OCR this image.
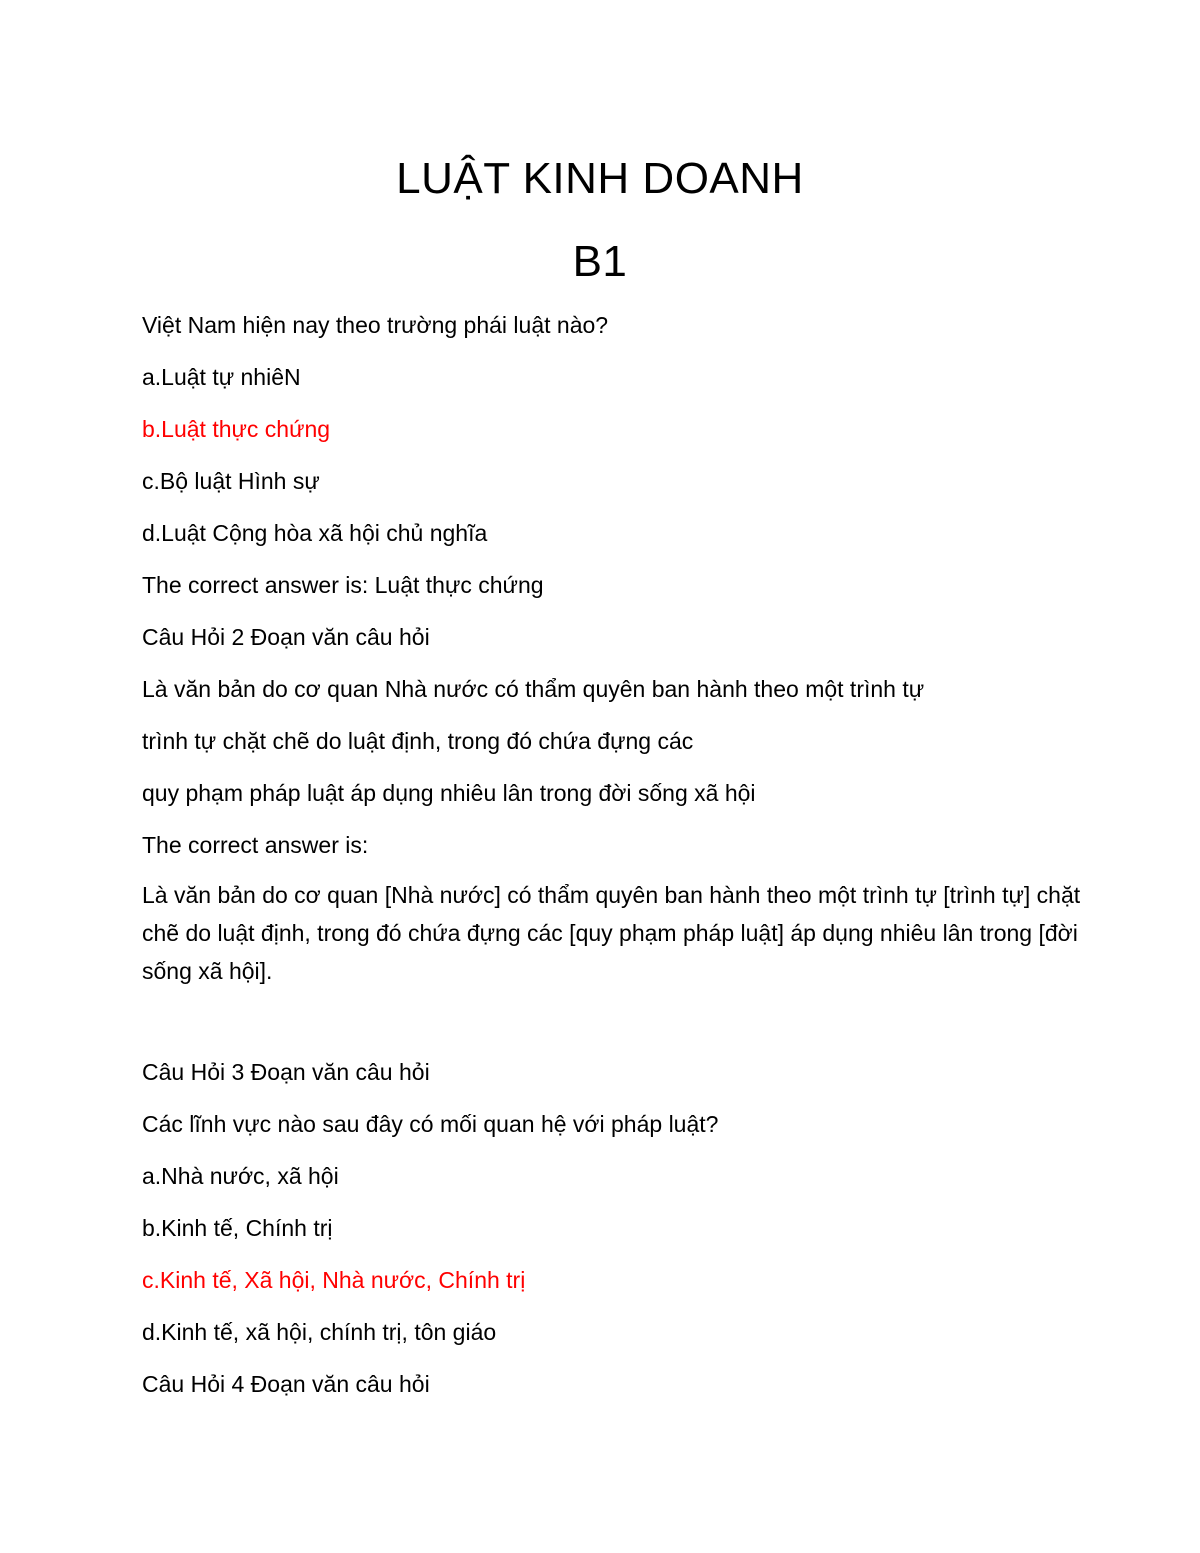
LUẬT KINH DOANH
B1
Việt Nam hiện nay theo trường phái luật nào?
a.Luật tự nhiêN
b.Luật thực chứng
c.Bộ luật Hình sự
d.Luật Cộng hòa xã hội chủ nghĩa
The correct answer is: Luật thực chứng
Câu Hỏi 2 Đoạn văn câu hỏi
Là văn bản do cơ quan Nhà nước có thẩm quyên ban hành theo một trình tự
trình tự chặt chẽ do luật định, trong đó chứa đựng các
quy phạm pháp luật áp dụng nhiêu lân trong đời sống xã hội
The correct answer is:
Là văn bản do cơ quan [Nhà nước] có thẩm quyên ban hành theo một trình tự [trình tự] chặt chẽ do luật định, trong đó chứa đựng các [quy phạm pháp luật] áp dụng nhiêu lân trong [đời sống xã hội].
Câu Hỏi 3 Đoạn văn câu hỏi
Các lĩnh vực nào sau đây có mối quan hệ với pháp luật?
a.Nhà nước, xã hội
b.Kinh tế, Chính trị
c.Kinh tế, Xã hội, Nhà nước, Chính trị
d.Kinh tế, xã hội, chính trị, tôn giáo
Câu Hỏi 4 Đoạn văn câu hỏi
